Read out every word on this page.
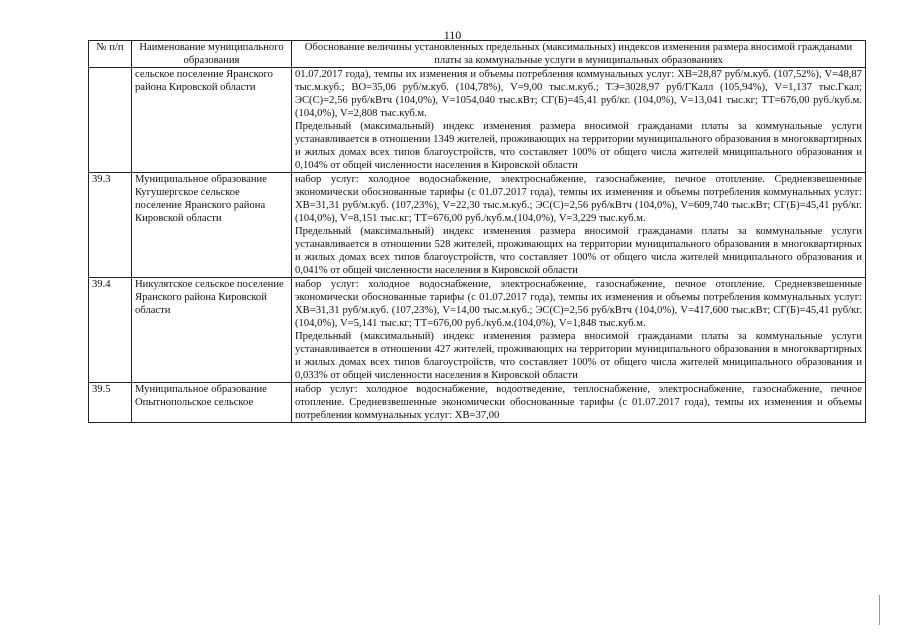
110
№ п/п	Наименование муниципального образования	Обоснование величины установленных предельных (максимальных) индексов изменения размера вносимой гражданами платы за коммунальные услуги в муниципальных образованиях
	сельское поселение Яранского района Кировской области	01.07.2017 года), темпы их изменения и объемы потребления коммунальных услуг: ХВ=28,87 руб/м.куб. (107,52%), V=48,87 тыс.м.куб.; ВО=35,06 руб/м.куб. (104,78%), V=9,00 тыс.м.куб.; ТЭ=3028,97 руб/ГКалл (105,94%), V=1,137 тыс.Гкал; ЭС(С)=2,56 руб/кВтч (104,0%), V=1054,040 тыс.кВт; СГ(Б)=45,41 руб/кг. (104,0%), V=13,041 тыс.кг; ТТ=676,00 руб./куб.м.(104,0%), V=2,808 тыс.куб.м.

Предельный (максимальный) индекс изменения размера вносимой гражданами платы за коммунальные услуги устанавливается в отношении 1349 жителей, проживающих на территории муниципального образования в многоквартирных и жилых домах всех типов благоустройств, что составляет 100% от общего числа жителей мниципального образования и 0,104% от общей численности населения в Кировской области

39.3	Муниципальное образование Кугушергское сельское поселение Яранского района Кировской области	набор услуг: холодное водоснабжение, электроснабжение, газоснабжение, печное отопление. Средневзвешенные экономически обоснованные тарифы (с 01.07.2017 года), темпы их изменения и объемы потребления коммунальных услуг: ХВ=31,31 руб/м.куб. (107,23%), V=22,30 тыс.м.куб.; ЭС(С)=2,56 руб/кВтч (104,0%), V=609,740 тыс.кВт; СГ(Б)=45,41 руб/кг. (104,0%), V=8,151 тыс.кг; ТТ=676,00 руб./куб.м.(104,0%), V=3,229 тыс.куб.м.

Предельный (максимальный) индекс изменения размера вносимой гражданами платы за коммунальные услуги устанавливается в отношении 528 жителей, проживающих на территории муниципального образования в многоквартирных и жилых домах всех типов благоустройств, что составляет 100% от общего числа жителей мниципального образования и 0,041% от общей численности населения в Кировской области

39.4	Никулятское сельское поселение Яранского района Кировской области	набор услуг: холодное водоснабжение, электроснабжение, газоснабжение, печное отопление. Средневзвешенные экономически обоснованные тарифы (с 01.07.2017 года), темпы их изменения и объемы потребления коммунальных услуг: ХВ=31,31 руб/м.куб. (107,23%), V=14,00 тыс.м.куб.; ЭС(С)=2,56 руб/кВтч (104,0%), V=417,600 тыс.кВт; СГ(Б)=45,41 руб/кг. (104,0%), V=5,141 тыс.кг; ТТ=676,00 руб./куб.м.(104,0%), V=1,848 тыс.куб.м.

Предельный (максимальный) индекс изменения размера вносимой гражданами платы за коммунальные услуги устанавливается в отношении 427 жителей, проживающих на территории муниципального образования в многоквартирных и жилых домах всех типов благоустройств, что составляет 100% от общего числа жителей мниципального образования и 0,033% от общей численности населения в Кировской области

39.5	Муниципальное образование Опытнопольское сельское	набор услуг: холодное водоснабжение, водоотведение, теплоснабжение, электроснабжение, газоснабжение, печное отопление. Средневзвешенные экономически обоснованные тарифы (с 01.07.2017 года), темпы их изменения и объемы потребления коммунальных услуг: ХВ=37,00
